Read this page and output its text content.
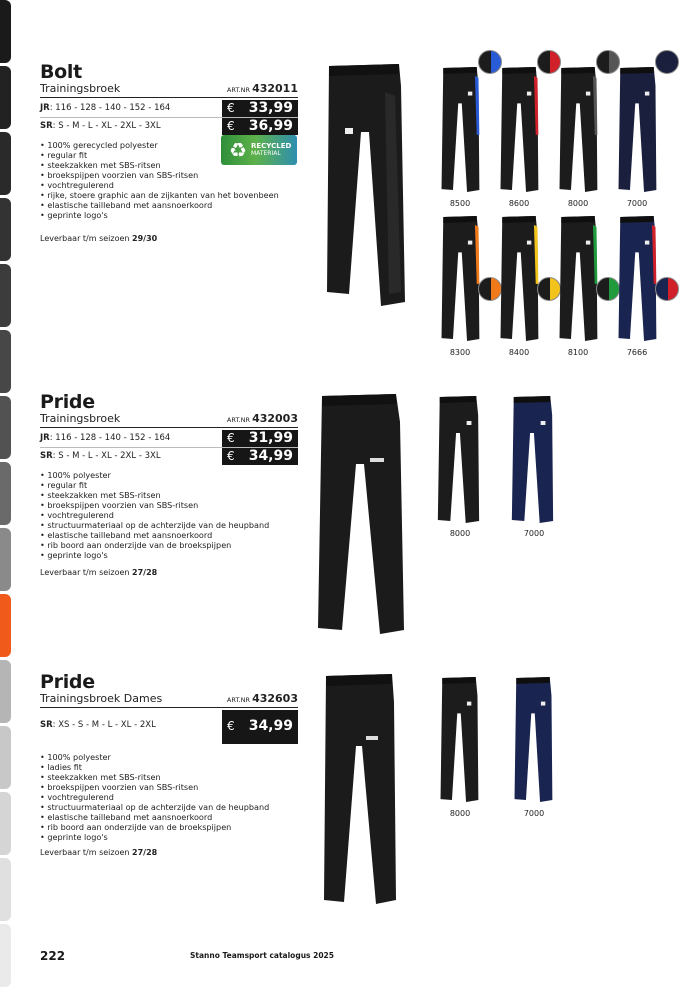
Bolt
Trainingsbroek	ART.NR 432011
JR: 116 - 128 - 140 - 152 - 164	€ 33,99
SR: S - M - L - XL - 2XL - 3XL	€ 36,99
• 100% gerecycled polyester
• regular fit
• steekzakken met SBS-ritsen
• broekspijpen voorzien van SBS-ritsen
• vochtregulerend
• rijke, stoere graphic aan de zijkanten van het bovenbeen
• elastische tailleband met aansnoerkoord
• geprinte logo's
♻ RECYCLED
MATERIAL
Leverbaar t/m seizoen 29/30
8500	8600	8000	7000
8300	8400	8100	7666
Pride
Trainingsbroek	ART.NR 432003
JR: 116 - 128 - 140 - 152 - 164	€ 31,99
SR: S - M - L - XL - 2XL - 3XL	€ 34,99
• 100% polyester
• regular fit
• steekzakken met SBS-ritsen
• broekspijpen voorzien van SBS-ritsen
• vochtregulerend
• structuurmateriaal op de achterzijde van de heupband
• elastische tailleband met aansnoerkoord
• rib boord aan onderzijde van de broekspijpen
• geprinte logo's
Leverbaar t/m seizoen 27/28
8000	7000
Pride
Trainingsbroek Dames	ART.NR 432603
SR: XS - S - M - L - XL - 2XL	€ 34,99
• 100% polyester
• ladies fit
• steekzakken met SBS-ritsen
• broekspijpen voorzien van SBS-ritsen
• vochtregulerend
• structuurmateriaal op de achterzijde van de heupband
• elastische tailleband met aansnoerkoord
• rib boord aan onderzijde van de broekspijpen
• geprinte logo's
Leverbaar t/m seizoen 27/28
8000	7000
222	Stanno Teamsport catalogus 2025
